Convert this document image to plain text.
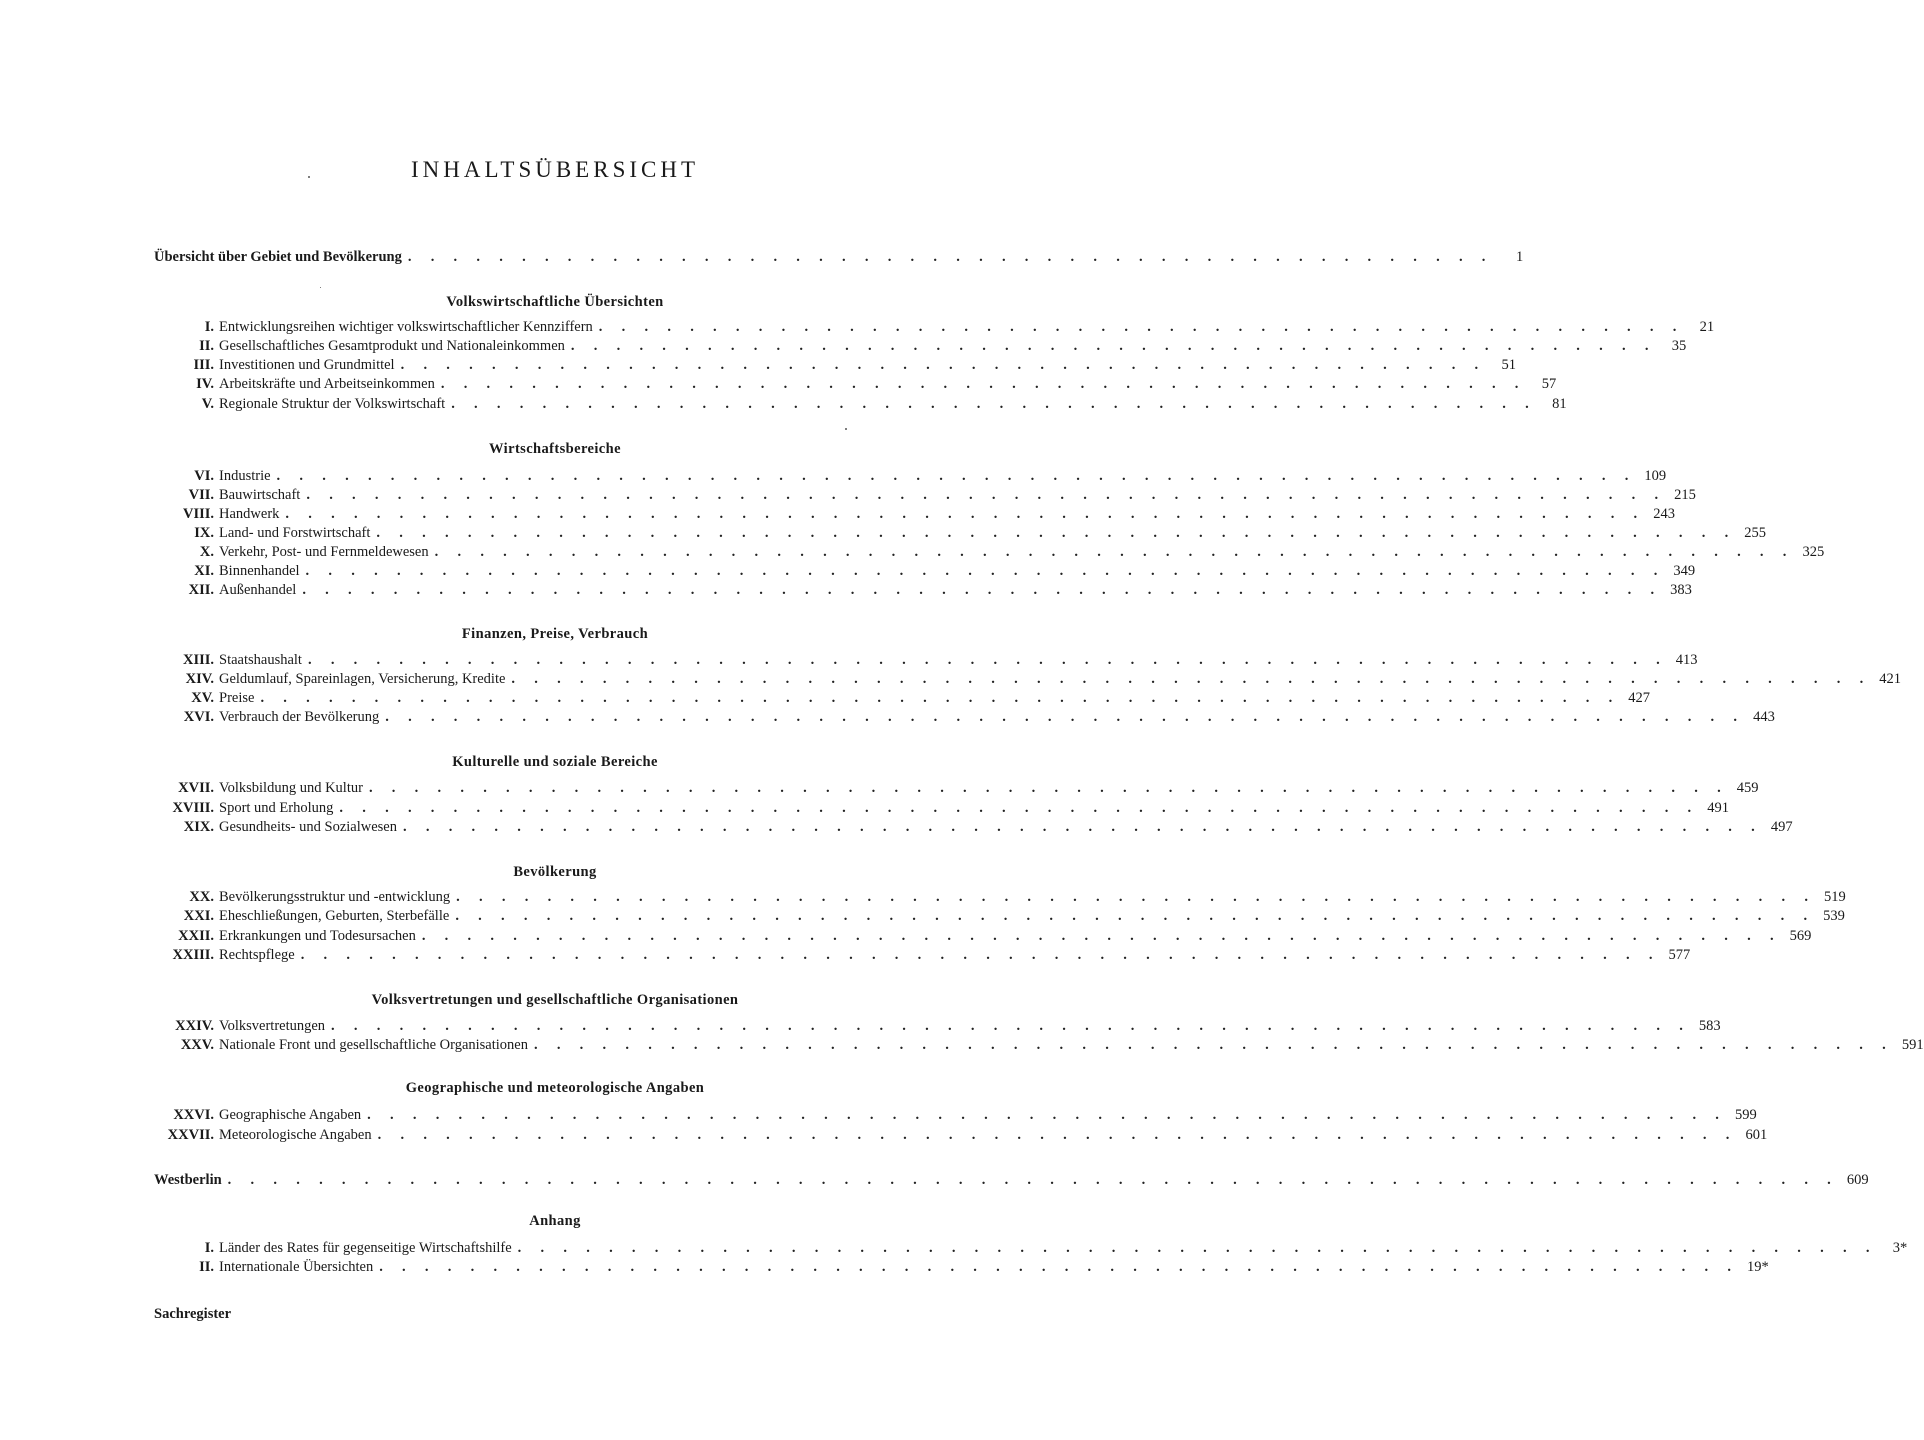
INHALTSÜBERSICHT
Übersicht über Gebiet und Bevölkerung . . . . . . . . . . . . . . . . . . . . . . . . . . . . . . . . . . . . . . . . . . . . . . . .	1
Volkswirtschaftliche Übersichten
I. Entwicklungsreihen wichtiger volkswirtschaftlicher Kennziffern . . . . . . . . . . . . . . . . . . . . . . . . . . . . . . . . . . . . . . . . . . . . . . . .	21
II. Gesellschaftliches Gesamtprodukt und Nationaleinkommen . . . . . . . . . . . . . . . . . . . . . . . . . . . . . . . . . . . . . . . . . . . . . . . .	35
III. Investitionen und Grundmittel . . . . . . . . . . . . . . . . . . . . . . . . . . . . . . . . . . . . . . . . . . . . . . . .	51
IV. Arbeitskräfte und Arbeitseinkommen . . . . . . . . . . . . . . . . . . . . . . . . . . . . . . . . . . . . . . . . . . . . . . . .	57
V. Regionale Struktur der Volkswirtschaft . . . . . . . . . . . . . . . . . . . . . . . . . . . . . . . . . . . . . . . . . . . . . . . .	81
Wirtschaftsbereiche
VI. Industrie . . . . . . . . . . . . . . . . . . . . . . . . . . . . . . . . . . . . . . . . . . . . . . . . . . . . . . . . . . . . 109
VII. Bauwirtschaft . . . . . . . . . . . . . . . . . . . . . . . . . . . . . . . . . . . . . . . . . . . . . . . . . . . . . . . . . . . . 215
VIII. Handwerk . . . . . . . . . . . . . . . . . . . . . . . . . . . . . . . . . . . . . . . . . . . . . . . . . . . . . . . . . . . . 243
IX. Land- und Forstwirtschaft . . . . . . . . . . . . . . . . . . . . . . . . . . . . . . . . . . . . . . . . . . . . . . . . . . . . . . . . . . . . 255
X. Verkehr, Post- und Fernmeldewesen . . . . . . . . . . . . . . . . . . . . . . . . . . . . . . . . . . . . . . . . . . . . . . . . . . . . . . . . . . . . 325
XI. Binnenhandel . . . . . . . . . . . . . . . . . . . . . . . . . . . . . . . . . . . . . . . . . . . . . . . . . . . . . . . . . . . . 349
XII. Außenhandel . . . . . . . . . . . . . . . . . . . . . . . . . . . . . . . . . . . . . . . . . . . . . . . . . . . . . . . . . . . . 383
Finanzen, Preise, Verbrauch
XIII. Staatshaushalt . . . . . . . . . . . . . . . . . . . . . . . . . . . . . . . . . . . . . . . . . . . . . . . . . . . . . . . . . . . . 413
XIV. Geldumlauf, Spareinlagen, Versicherung, Kredite . . . . . . . . . . . . . . . . . . . . . . . . . . . . . . . . . . . . . . . . . . . . . . . . . . . . . . . . . . . . 421
XV. Preise . . . . . . . . . . . . . . . . . . . . . . . . . . . . . . . . . . . . . . . . . . . . . . . . . . . . . . . . . . . . 427
XVI. Verbrauch der Bevölkerung . . . . . . . . . . . . . . . . . . . . . . . . . . . . . . . . . . . . . . . . . . . . . . . . . . . . . . . . . . . . 443
Kulturelle und soziale Bereiche
XVII. Volksbildung und Kultur . . . . . . . . . . . . . . . . . . . . . . . . . . . . . . . . . . . . . . . . . . . . . . . . . . . . . . . . . . . . 459
XVIII. Sport und Erholung . . . . . . . . . . . . . . . . . . . . . . . . . . . . . . . . . . . . . . . . . . . . . . . . . . . . . . . . . . . . 491
XIX. Gesundheits- und Sozialwesen . . . . . . . . . . . . . . . . . . . . . . . . . . . . . . . . . . . . . . . . . . . . . . . . . . . . . . . . . . . . 497
Bevölkerung
XX. Bevölkerungsstruktur und -entwicklung . . . . . . . . . . . . . . . . . . . . . . . . . . . . . . . . . . . . . . . . . . . . . . . . . . . . . . . . . . . . 519
XXI. Eheschließungen, Geburten, Sterbefälle . . . . . . . . . . . . . . . . . . . . . . . . . . . . . . . . . . . . . . . . . . . . . . . . . . . . . . . . . . . . 539
XXII. Erkrankungen und Todesursachen . . . . . . . . . . . . . . . . . . . . . . . . . . . . . . . . . . . . . . . . . . . . . . . . . . . . . . . . . . . . 569
XXIII. Rechtspflege . . . . . . . . . . . . . . . . . . . . . . . . . . . . . . . . . . . . . . . . . . . . . . . . . . . . . . . . . . . . 577
Volksvertretungen und gesellschaftliche Organisationen
XXIV. Volksvertretungen . . . . . . . . . . . . . . . . . . . . . . . . . . . . . . . . . . . . . . . . . . . . . . . . . . . . . . . . . . . . 583
XXV. Nationale Front und gesellschaftliche Organisationen . . . . . . . . . . . . . . . . . . . . . . . . . . . . . . . . . . . . . . . . . . . . . . . . . . . . . . . . . . . . 591
Geographische und meteorologische Angaben
XXVI. Geographische Angaben . . . . . . . . . . . . . . . . . . . . . . . . . . . . . . . . . . . . . . . . . . . . . . . . . . . . . . . . . . . . 599
XXVII. Meteorologische Angaben . . . . . . . . . . . . . . . . . . . . . . . . . . . . . . . . . . . . . . . . . . . . . . . . . . . . . . . . . . . . 601
Westberlin . . . . . . . . . . . . . . . . . . . . . . . . . . . . . . . . . . . . . . . . . . . . . . . . . . . . . . . . . . . . . . . . . . . . . . . 609
Anhang
I. Länder des Rates für gegenseitige Wirtschaftshilfe . . . . . . . . . . . . . . . . . . . . . . . . . . . . . . . . . . . . . . . . . . . . . . . . . . . . . . . . . . . .	3*
II. Internationale Übersichten . . . . . . . . . . . . . . . . . . . . . . . . . . . . . . . . . . . . . . . . . . . . . . . . . . . . . . . . . . . . 19*
Sachregister
